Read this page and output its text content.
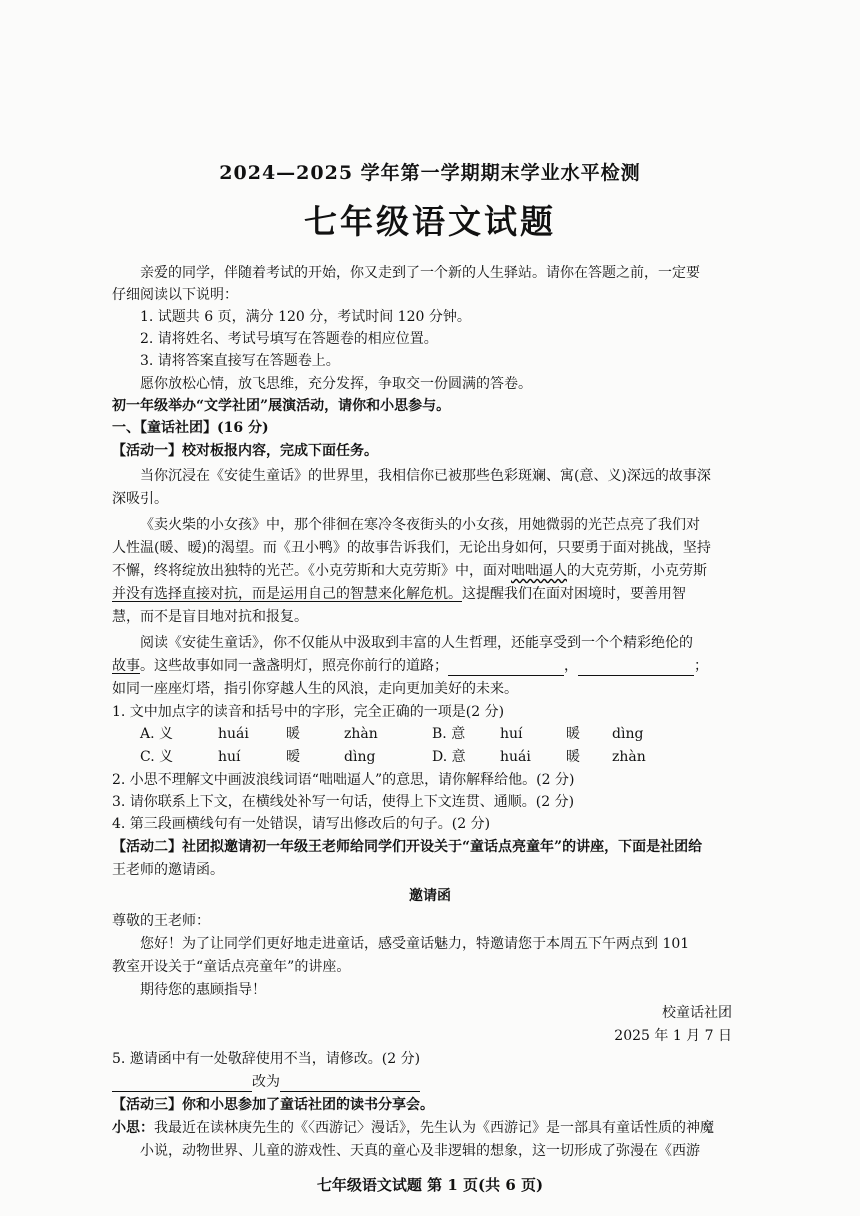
2024—2025 学年第一学期期末学业水平检测
七年级语文试题
亲爱的同学，伴随着考试的开始，你又走到了一个新的人生驿站。请你在答题之前，一定要
仔细阅读以下说明：
1. 试题共 6 页，满分 120 分，考试时间 120 分钟。
2. 请将姓名、考试号填写在答题卷的相应位置。
3. 请将答案直接写在答题卷上。
愿你放松心情，放飞思维，充分发挥，争取交一份圆满的答卷。
初一年级举办“文学社团”展演活动，请你和小思参与。
一、【童话社团】(16 分)
【活动一】校对板报内容，完成下面任务。
当你沉浸在《安徒生童话》的世界里，我相信你已被那些色彩斑斓、寓(意、义)深远的故事深
深吸引。
《卖火柴的小女孩》中，那个徘徊在寒冷冬夜街头的小女孩，用她微弱的光芒点亮了我们对
人性温(暖、暧)的渴望。而《丑小鸭》的故事告诉我们，无论出身如何，只要勇于面对挑战，坚持
不懈，终将绽放出独特的光芒。《小克劳斯和大克劳斯》中，面对咄咄逼人的大克劳斯，小克劳斯
并没有选择直接对抗，而是运用自己的智慧来化解危机。这提醒我们在面对困境时，要善用智
慧，而不是盲目地对抗和报复。
阅读《安徒生童话》，你不仅能从中汲取到丰富的人生哲理，还能享受到一个个精彩绝伦的
故事。这些故事如同一盏盏明灯，照亮你前行的道路；	，	；
如同一座座灯塔，指引你穿越人生的风浪，走向更加美好的未来。
1. 文中加点字的读音和括号中的字形，完全正确的一项是(2 分)
A. 义	huái	暖	zhàn	B. 意 huí	暖 dìng
C. 义	huí	暧	dìng	D. 意 huái	暖 zhàn
2. 小思不理解文中画波浪线词语“咄咄逼人”的意思，请你解释给他。(2 分)
3. 请你联系上下文，在横线处补写一句话，使得上下文连贯、通顺。(2 分)
4. 第三段画横线句有一处错误，请写出修改后的句子。(2 分)
【活动二】社团拟邀请初一年级王老师给同学们开设关于“童话点亮童年”的讲座，下面是社团给
王老师的邀请函。
邀请函
尊敬的王老师：
您好！为了让同学们更好地走进童话，感受童话魅力，特邀请您于本周五下午两点到 101
教室开设关于“童话点亮童年”的讲座。
期待您的惠顾指导！
校童话社团
2025 年 1 月 7 日
5. 邀请函中有一处敬辞使用不当，请修改。(2 分)
改为
【活动三】你和小思参加了童话社团的读书分享会。
小思：我最近在读林庚先生的《〈西游记〉漫话》，先生认为《西游记》是一部具有童话性质的神魔
小说，动物世界、儿童的游戏性、天真的童心及非逻辑的想象，这一切形成了弥漫在《西游
七年级语文试题 第 1 页(共 6 页)
